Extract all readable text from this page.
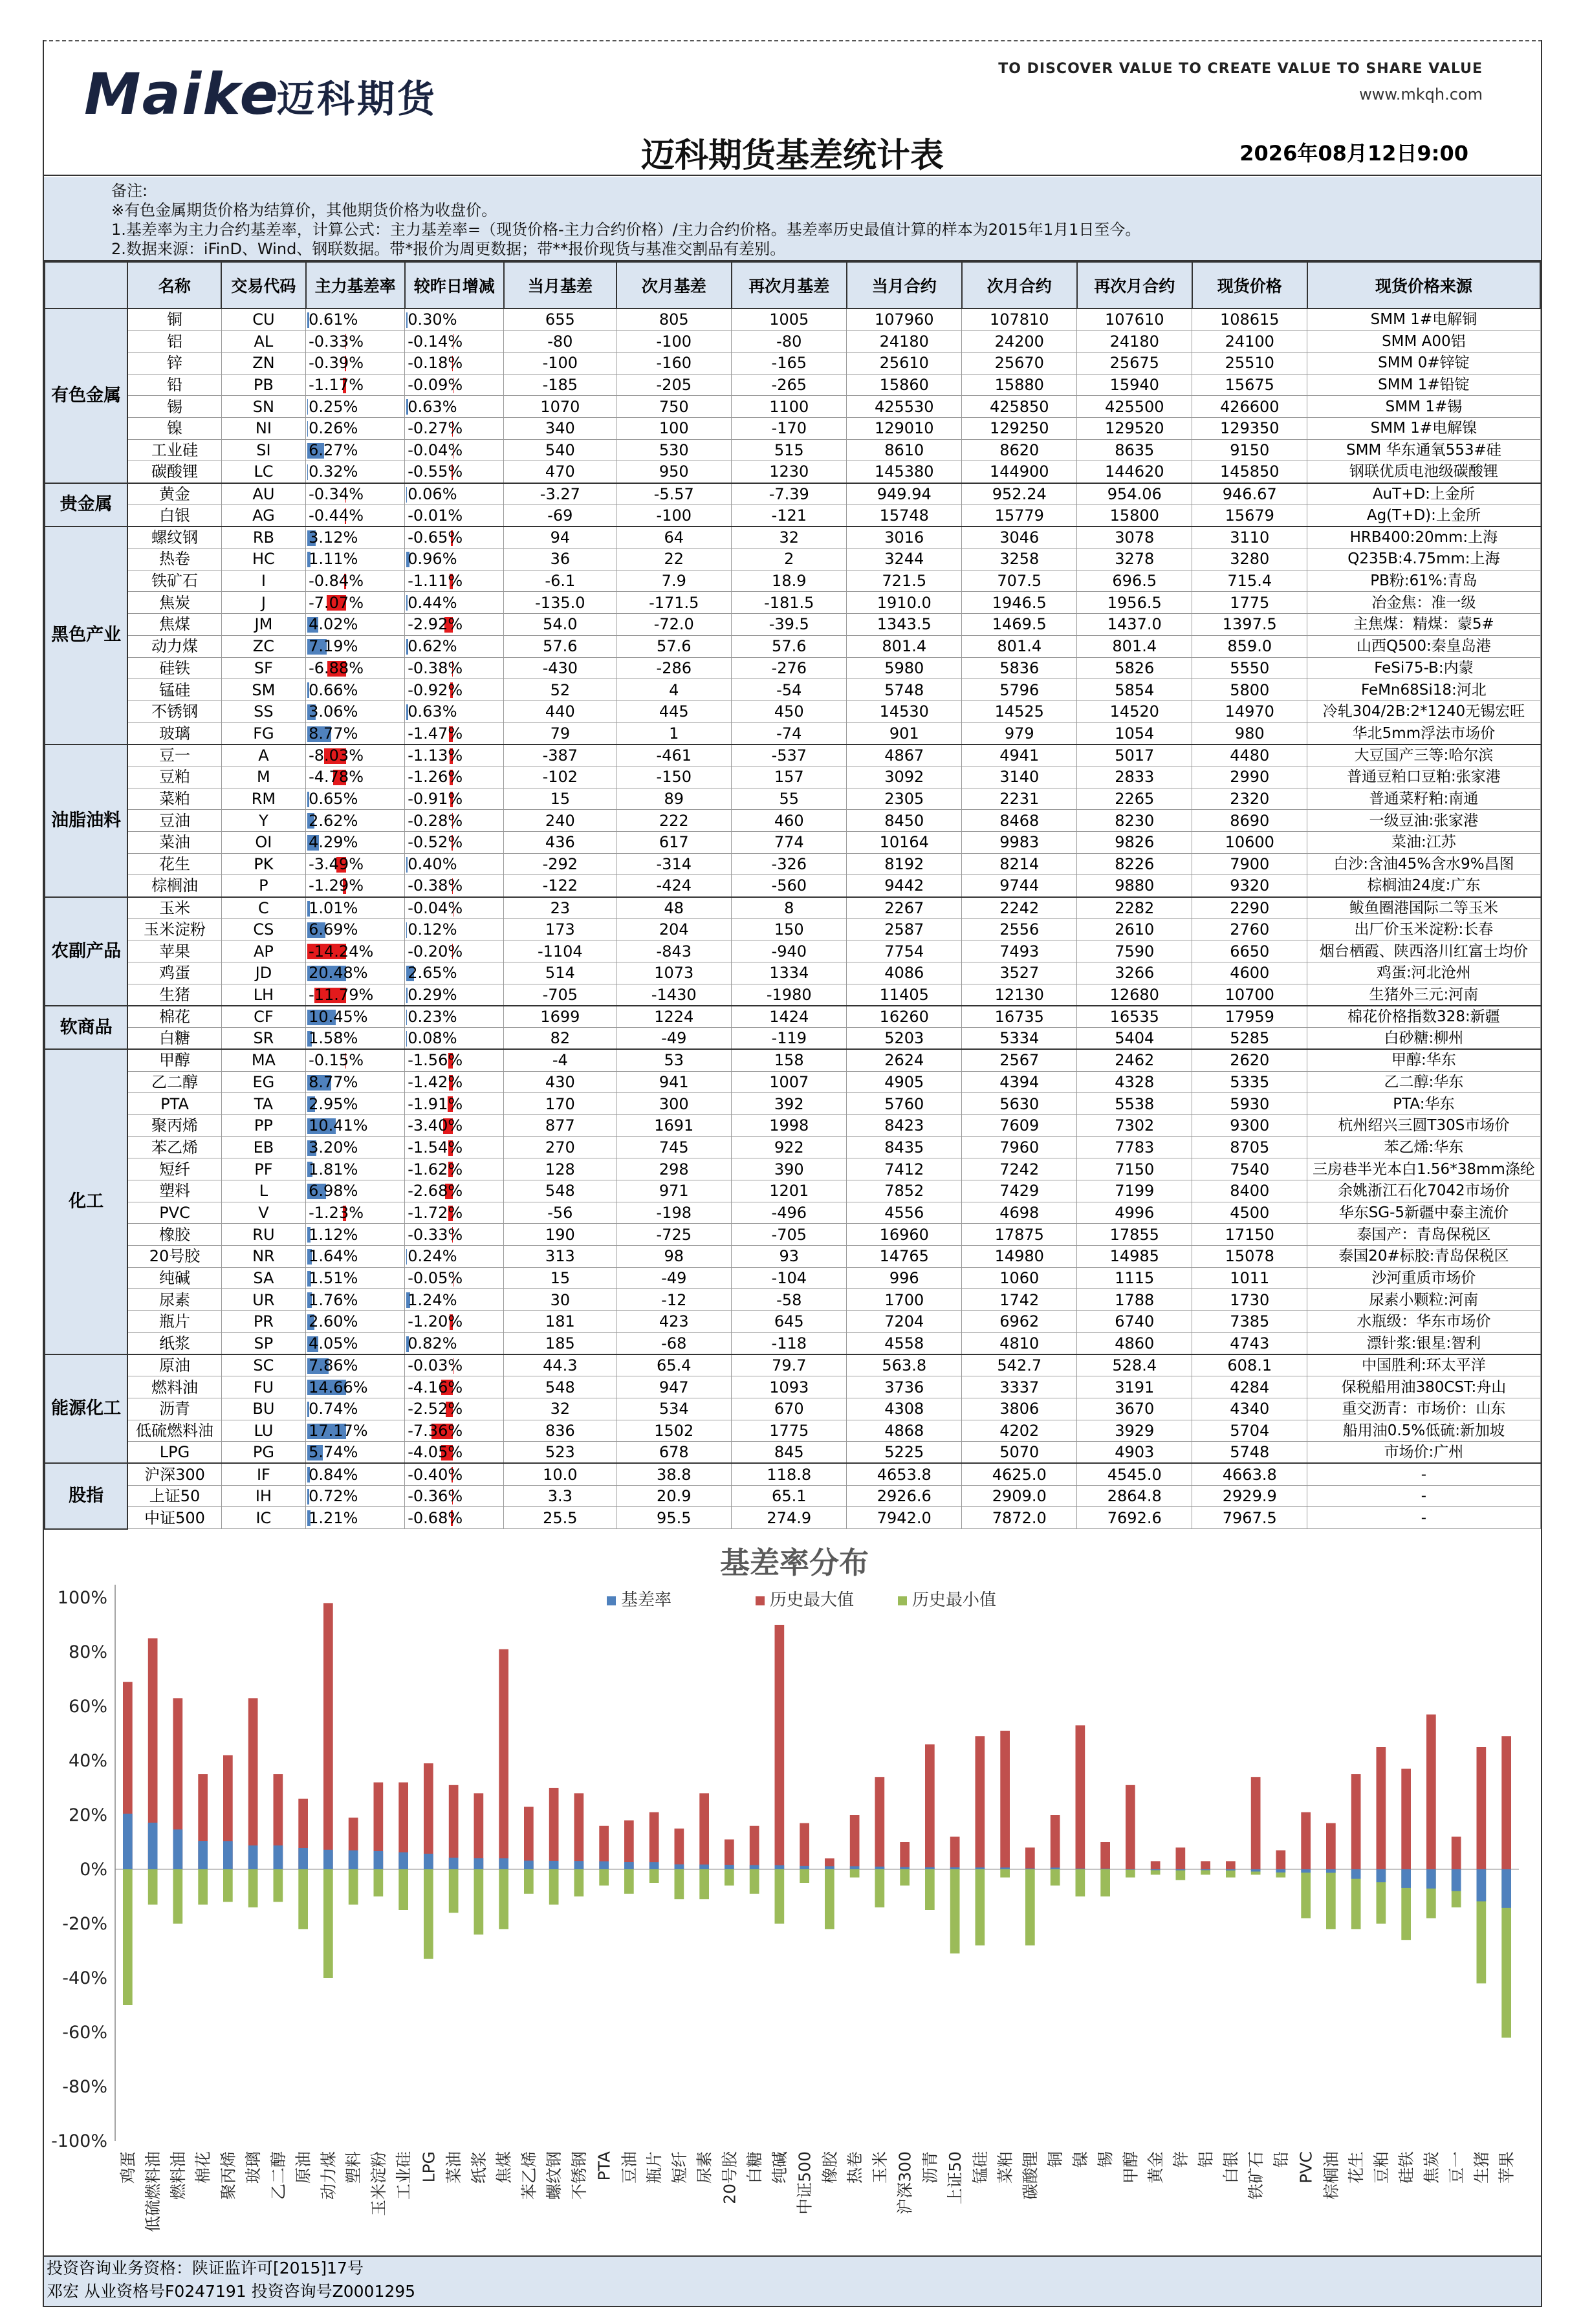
Maike
迈科期货
TO DISCOVER VALUE TO CREATE VALUE TO SHARE VALUE
www.mkqh.com
迈科期货基差统计表	2026年08月12日9:00
备注:
※有色金属期货价格为结算价，其他期货价格为收盘价。
1.基差率为主力合约基差率，计算公式：主力基差率=（现货价格-主力合约价格）/主力合约价格。基差率历史最值计算的样本为2015年1月1日至今。
2.数据来源：iFinD、Wind、钢联数据。带*报价为周更数据；带**报价现货与基准交割品有差别。
	名称	交易代码	主力基差率	较昨日增减	当月基差	次月基差	再次月基差	当月合约	次月合约	再次月合约	现货价格	现货价格来源
有色金属	铜	CU	0.61%	0.30%	655	805	1005	107960	107810	107610	108615	SMM 1#电解铜
	铝	AL	-0.33%	-0.14%	-80	-100	-80	24180	24200	24180	24100	SMM A00铝
	锌	ZN	-0.39%	-0.18%	-100	-160	-165	25610	25670	25675	25510	SMM 0#锌锭
	铅	PB	-1.17%	-0.09%	-185	-205	-265	15860	15880	15940	15675	SMM 1#铅锭
	锡	SN	0.25%	0.63%	1070	750	1100	425530	425850	425500	426600	SMM 1#锡
	镍	NI	0.26%	-0.27%	340	100	-170	129010	129250	129520	129350	SMM 1#电解镍
	工业硅	SI	6.27%	-0.04%	540	530	515	8610	8620	8635	9150	SMM 华东通氧553#硅
	碳酸锂	LC	0.32%	-0.55%	470	950	1230	145380	144900	144620	145850	钢联优质电池级碳酸锂
贵金属	黄金	AU	-0.34%	0.06%	-3.27	-5.57	-7.39	949.94	952.24	954.06	946.67	AuT+D:上金所
	白银	AG	-0.44%	-0.01%	-69	-100	-121	15748	15779	15800	15679	Ag(T+D):上金所
黑色产业	螺纹钢	RB	3.12%	-0.65%	94	64	32	3016	3046	3078	3110	HRB400:20mm:上海
	热卷	HC	1.11%	0.96%	36	22	2	3244	3258	3278	3280	Q235B:4.75mm:上海
	铁矿石	I	-0.84%	-1.11%	-6.1	7.9	18.9	721.5	707.5	696.5	715.4	PB粉:61%:青岛
	焦炭	J	-7.07%	0.44%	-135.0	-171.5	-181.5	1910.0	1946.5	1956.5	1775	冶金焦：准一级
	焦煤	JM	4.02%	-2.92%	54.0	-72.0	-39.5	1343.5	1469.5	1437.0	1397.5	主焦煤：精煤：蒙5#
	动力煤	ZC	7.19%	0.62%	57.6	57.6	57.6	801.4	801.4	801.4	859.0	山西Q500:秦皇岛港
	硅铁	SF	-6.88%	-0.38%	-430	-286	-276	5980	5836	5826	5550	FeSi75-B:内蒙
	锰硅	SM	0.66%	-0.92%	52	4	-54	5748	5796	5854	5800	FeMn68Si18:河北
	不锈钢	SS	3.06%	0.63%	440	445	450	14530	14525	14520	14970	冷轧304/2B:2*1240无锡宏旺
	玻璃	FG	8.77%	-1.47%	79	1	-74	901	979	1054	980	华北5mm浮法市场价
油脂油料	豆一	A	-8.03%	-1.13%	-387	-461	-537	4867	4941	5017	4480	大豆国产三等:哈尔滨
	豆粕	M	-4.78%	-1.26%	-102	-150	157	3092	3140	2833	2990	普通豆粕口豆粕:张家港
	菜粕	RM	0.65%	-0.91%	15	89	55	2305	2231	2265	2320	普通菜籽粕:南通
	豆油	Y	2.62%	-0.28%	240	222	460	8450	8468	8230	8690	一级豆油:张家港
	菜油	OI	4.29%	-0.52%	436	617	774	10164	9983	9826	10600	菜油:江苏
	花生	PK	-3.49%	0.40%	-292	-314	-326	8192	8214	8226	7900	白沙:含油45%含水9%昌图
	棕榈油	P	-1.29%	-0.38%	-122	-424	-560	9442	9744	9880	9320	棕榈油24度:广东
农副产品	玉米	C	1.01%	-0.04%	23	48	8	2267	2242	2282	2290	鲅鱼圈港国际二等玉米
	玉米淀粉	CS	6.69%	0.12%	173	204	150	2587	2556	2610	2760	出厂价玉米淀粉:长春
	苹果	AP	-14.24%	-0.20%	-1104	-843	-940	7754	7493	7590	6650	烟台栖霞、陕西洛川红富士均价
	鸡蛋	JD	20.48%	2.65%	514	1073	1334	4086	3527	3266	4600	鸡蛋:河北沧州
	生猪	LH	-11.79%	0.29%	-705	-1430	-1980	11405	12130	12680	10700	生猪外三元:河南
软商品	棉花	CF	10.45%	0.23%	1699	1224	1424	16260	16735	16535	17959	棉花价格指数328:新疆
	白糖	SR	1.58%	0.08%	82	-49	-119	5203	5334	5404	5285	白砂糖:柳州
化工	甲醇	MA	-0.15%	-1.56%	-4	53	158	2624	2567	2462	2620	甲醇:华东
	乙二醇	EG	8.77%	-1.42%	430	941	1007	4905	4394	4328	5335	乙二醇:华东
	PTA	TA	2.95%	-1.91%	170	300	392	5760	5630	5538	5930	PTA:华东
	聚丙烯	PP	10.41%	-3.40%	877	1691	1998	8423	7609	7302	9300	杭州绍兴三圆T30S市场价
	苯乙烯	EB	3.20%	-1.54%	270	745	922	8435	7960	7783	8705	苯乙烯:华东
	短纤	PF	1.81%	-1.62%	128	298	390	7412	7242	7150	7540	三房巷半光本白1.56*38mm涤纶
	塑料	L	6.98%	-2.68%	548	971	1201	7852	7429	7199	8400	余姚浙江石化7042市场价
	PVC	V	-1.23%	-1.72%	-56	-198	-496	4556	4698	4996	4500	华东SG-5新疆中泰主流价
	橡胶	RU	1.12%	-0.33%	190	-725	-705	16960	17875	17855	17150	泰国产：青岛保税区
	20号胶	NR	1.64%	0.24%	313	98	93	14765	14980	14985	15078	泰国20#标胶:青岛保税区
	纯碱	SA	1.51%	-0.05%	15	-49	-104	996	1060	1115	1011	沙河重质市场价
	尿素	UR	1.76%	1.24%	30	-12	-58	1700	1742	1788	1730	尿素小颗粒:河南
	瓶片	PR	2.60%	-1.20%	181	423	645	7204	6962	6740	7385	水瓶级：华东市场价
	纸浆	SP	4.05%	0.82%	185	-68	-118	4558	4810	4860	4743	漂针浆:银星:智利
能源化工	原油	SC	7.86%	-0.03%	44.3	65.4	79.7	563.8	542.7	528.4	608.1	中国胜利:环太平洋
	燃料油	FU	14.66%	-4.16%	548	947	1093	3736	3337	3191	4284	保税船用油380CST:舟山
	沥青	BU	0.74%	-2.52%	32	534	670	4308	3806	3670	4340	重交沥青：市场价：山东
	低硫燃料油	LU	17.17%	-7.36%	836	1502	1775	4868	4202	3929	5704	船用油0.5%低硫:新加坡
	LPG	PG	5.74%	-4.05%	523	678	845	5225	5070	4903	5748	市场价:广州
股指	沪深300	IF	0.84%	-0.40%	10.0	38.8	118.8	4653.8	4625.0	4545.0	4663.8	-
	上证50	IH	0.72%	-0.36%	3.3	20.9	65.1	2926.6	2909.0	2864.8	2929.9	-
	中证500	IC	1.21%	-0.68%	25.5	95.5	274.9	7942.0	7872.0	7692.6	7967.5	-
基差率分布
基差率	历史最大值	历史最小值
100%
80%
60%
40%
20%
0%
-20%
-40%
-60%
-80%
-100%
鸡蛋 低硫燃料油 燃料油 棉花 聚丙烯 玻璃 乙二醇 原油 动力煤 塑料 玉米淀粉 工业硅 LPG 菜油 纸浆 焦煤 苯乙烯 螺纹钢 不锈钢 PTA 豆油 瓶片 短纤 尿素 20号胶 白糖 纯碱 中证500 橡胶 热卷 玉米 沪深300 沥青 上证50 锰硅 菜粕 碳酸锂 铜 镍 锡 甲醇 黄金 锌 铝 白银 铁矿石 铅 PVC 棕榈油 花生 豆粕 硅铁 焦炭 豆一 生猪 苹果
投资咨询业务资格：陕证监许可[2015]17号
邓宏 从业资格号F0247191 投资咨询号Z0001295
